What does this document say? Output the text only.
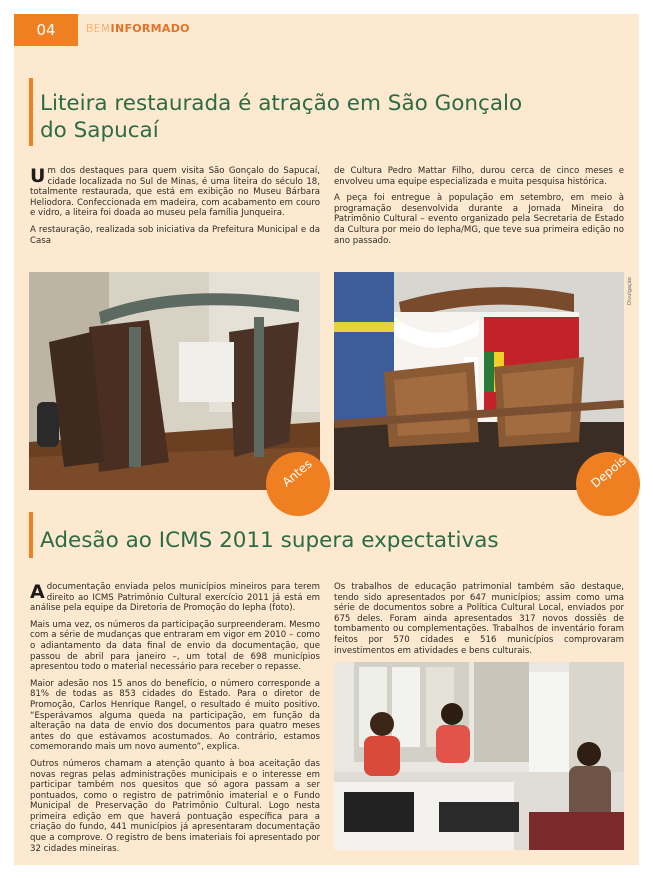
04	BEMINFORMADO
Liteira restaurada é atração em São Gonçalo
do Sapucaí

Um dos destaques para quem visita São Gonçalo do Sapucaí, cidade localizada no Sul de Minas, é uma liteira do século 18, totalmente restaurada, que está em exibição no Museu Bárbara Heliodora. Confeccionada em madeira, com acabamento em couro e vidro, a liteira foi doada ao museu pela família Junqueira.

A restauração, realizada sob iniciativa da Prefeitura Municipal e da Casa

de Cultura Pedro Mattar Filho, durou cerca de cinco meses e envolveu uma equipe especializada e muita pesquisa histórica.

A peça foi entregue à população em setembro, em meio à programação desenvolvida durante a Jornada Mineira do Patrimônio Cultural – evento organizado pela Secretaria de Estado da Cultura por meio do Iepha/MG, que teve sua primeira edição no ano passado.

Antes	Depois
Divulgação
Adesão ao ICMS 2011 supera expectativas

A documentação enviada pelos municípios mineiros para terem direito ao ICMS Patrimônio Cultural exercício 2011 já está em análise pela equipe da Diretoria de Promoção do Iepha (foto).

Mais uma vez, os números da participação surpreenderam. Mesmo com a série de mudanças que entraram em vigor em 2010 – como o adiantamento da data final de envio da documentação, que passou de abril para janeiro –, um total de 698 municípios apresentou todo o material necessário para receber o repasse.

Maior adesão nos 15 anos do benefício, o número corresponde a 81% de todas as 853 cidades do Estado. Para o diretor de Promoção, Carlos Henrique Rangel, o resultado é muito positivo. “Esperávamos alguma queda na participação, em função da alteração na data de envio dos documentos para quatro meses antes do que estávamos acostumados. Ao contrário, estamos comemorando mais um novo aumento”, explica.

Outros números chamam a atenção quanto à boa aceitação das novas regras pelas administrações municipais e o interesse em participar também nos quesitos que só agora passam a ser pontuados, como o registro de patrimônio imaterial e o Fundo Municipal de Preservação do Patrimônio Cultural. Logo nesta primeira edição em que haverá pontuação específica para a criação do fundo, 441 municípios já apresentaram documentação que a comprove. O registro de bens imateriais foi apresentado por 32 cidades mineiras.

Os trabalhos de educação patrimonial também são destaque, tendo sido apresentados por 647 municípios; assim como uma série de documentos sobre a Política Cultural Local, enviados por 675 deles. Foram ainda apresentados 317 novos dossiês de tombamento ou complementações. Trabalhos de inventário foram feitos por 570 cidades e 516 municípios comprovaram investimentos em atividades e bens culturais.
